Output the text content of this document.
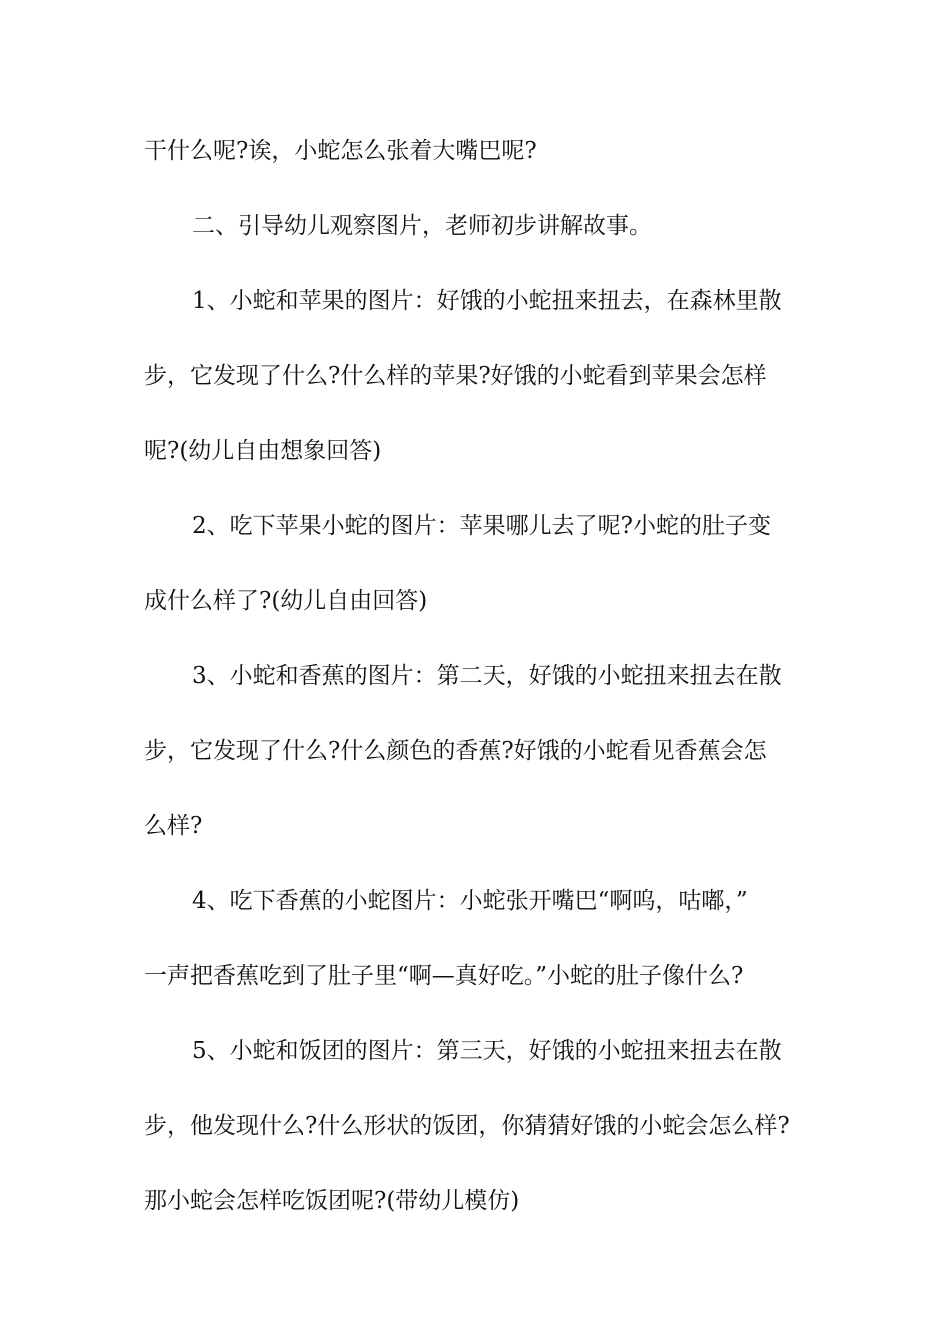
干什么呢?诶，小蛇怎么张着大嘴巴呢?
二、引导幼儿观察图片，老师初步讲解故事。
1、小蛇和苹果的图片：好饿的小蛇扭来扭去，在森林里散
步，它发现了什么?什么样的苹果?好饿的小蛇看到苹果会怎样
呢?(幼儿自由想象回答)
2、吃下苹果小蛇的图片：苹果哪儿去了呢?小蛇的肚子变
成什么样了?(幼儿自由回答)
3、小蛇和香蕉的图片：第二天，好饿的小蛇扭来扭去在散
步，它发现了什么?什么颜色的香蕉?好饿的小蛇看见香蕉会怎
么样?
4、吃下香蕉的小蛇图片：小蛇张开嘴巴“啊呜，咕嘟，”
一声把香蕉吃到了肚子里“啊—真好吃。”小蛇的肚子像什么?
5、小蛇和饭团的图片：第三天，好饿的小蛇扭来扭去在散
步，他发现什么?什么形状的饭团，你猜猜好饿的小蛇会怎么样?
那小蛇会怎样吃饭团呢?(带幼儿模仿)
